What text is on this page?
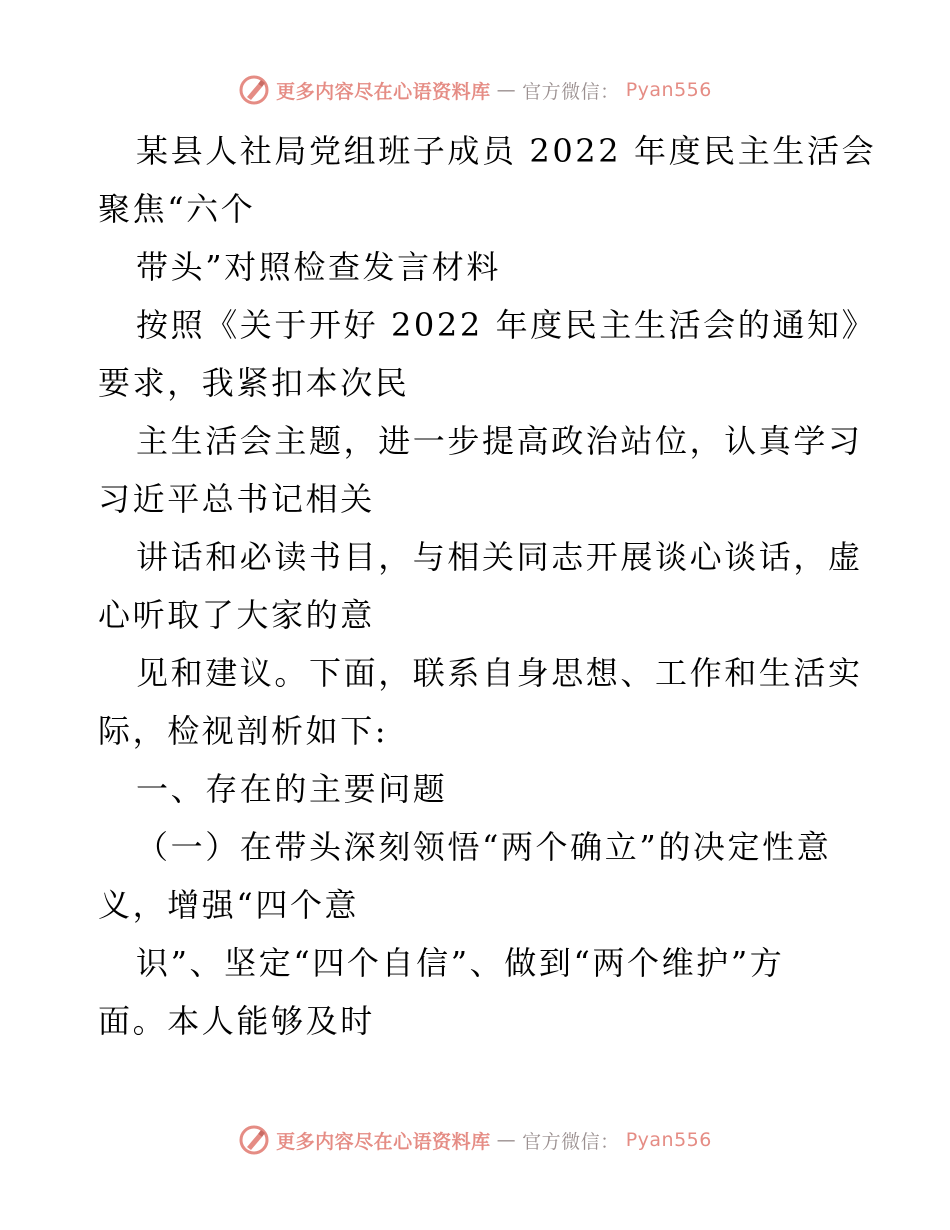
更多内容尽在心语资料库 — 官方微信： Pyan556
某县人社局党组班子成员 2022 年度民主生活会
聚焦“六个
带头”对照检查发言材料
按照《关于开好 2022 年度民主生活会的通知》
要求，我紧扣本次民
主生活会主题，进一步提高政治站位，认真学习
习近平总书记相关
讲话和必读书目，与相关同志开展谈心谈话，虚
心听取了大家的意
见和建议。下面，联系自身思想、工作和生活实
际，检视剖析如下:
一、存在的主要问题
（一）在带头深刻领悟“两个确立”的决定性意
义，增强“四个意
识”、坚定“四个自信”、做到“两个维护”方
面。本人能够及时
更多内容尽在心语资料库 — 官方微信： Pyan556
